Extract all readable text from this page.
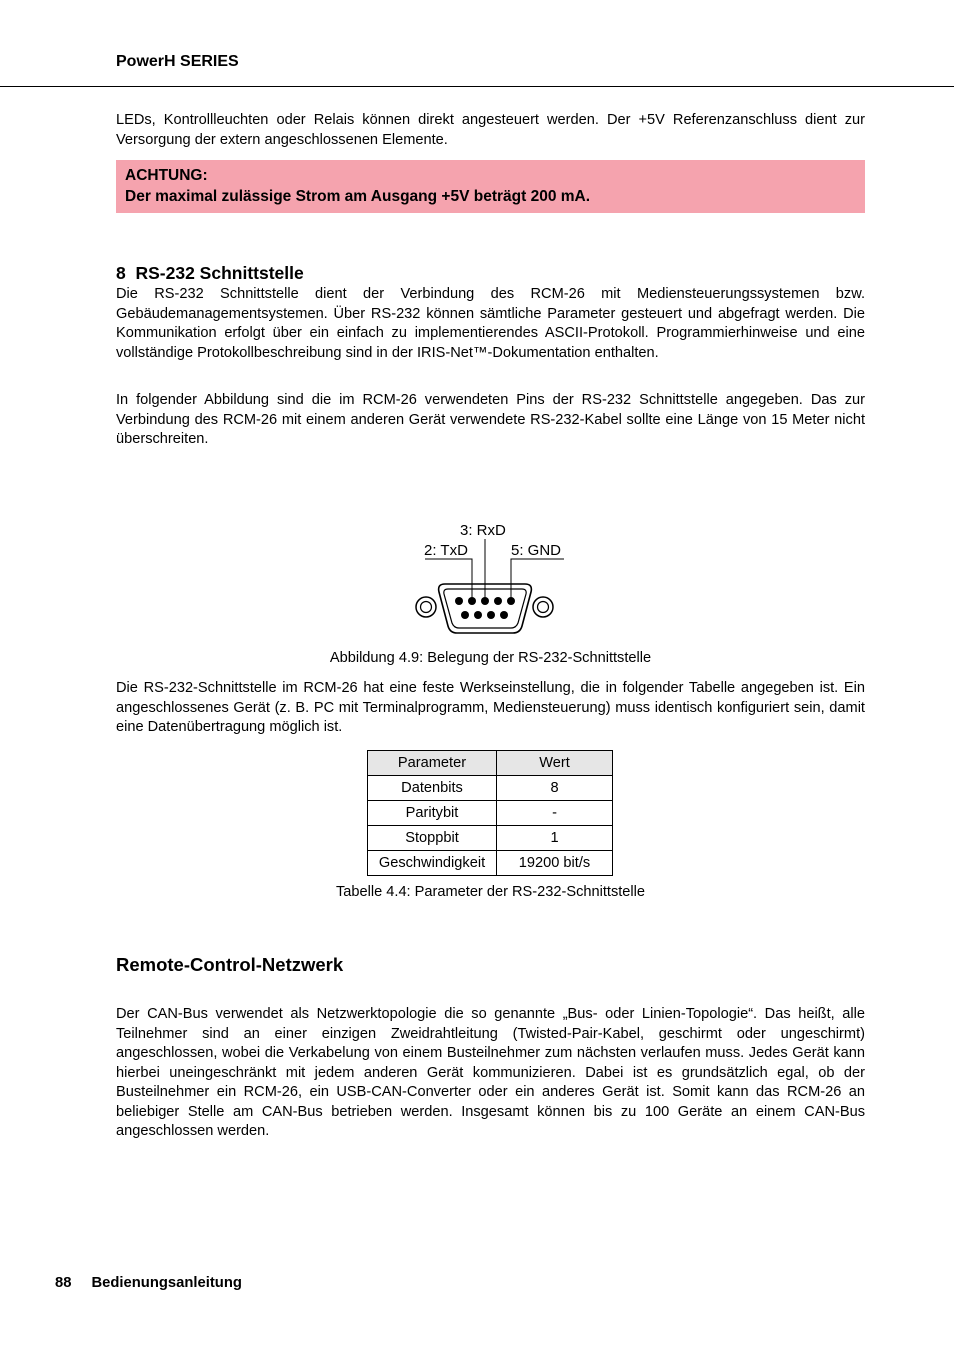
PowerH SERIES
LEDs, Kontrollleuchten oder Relais können direkt angesteuert werden. Der +5V Referenzanschluss dient zur Versorgung der extern angeschlossenen Elemente.
ACHTUNG:
Der maximal zulässige Strom am Ausgang +5V beträgt 200 mA.
8 RS-232 Schnittstelle
Die RS-232 Schnittstelle dient der Verbindung des RCM-26 mit Mediensteuerungssystemen bzw. Gebäudemanagementsystemen. Über RS-232 können sämtliche Parameter gesteuert und abgefragt werden. Die Kommunikation erfolgt über ein einfach zu implementierendes ASCII-Protokoll. Programmierhinweise und eine vollständige Protokollbeschreibung sind in der IRIS-Net™-Dokumentation enthalten.
In folgender Abbildung sind die im RCM-26 verwendeten Pins der RS-232 Schnittstelle angegeben. Das zur Verbindung des RCM-26 mit einem anderen Gerät verwendete RS-232-Kabel sollte eine Länge von 15 Meter nicht überschreiten.
3: RxD
2: TxD	5: GND
Abbildung 4.9: Belegung der RS-232-Schnittstelle
Die RS-232-Schnittstelle im RCM-26 hat eine feste Werkseinstellung, die in folgender Tabelle angegeben ist. Ein angeschlossenes Gerät (z. B. PC mit Terminalprogramm, Mediensteuerung) muss identisch konfiguriert sein, damit eine Datenübertragung möglich ist.
Parameter	Wert
Datenbits	8
Paritybit	-
Stoppbit	1
Geschwindigkeit	19200 bit/s
Tabelle 4.4: Parameter der RS-232-Schnittstelle
Remote-Control-Netzwerk
Der CAN-Bus verwendet als Netzwerktopologie die so genannte „Bus- oder Linien-Topologie“. Das heißt, alle Teilnehmer sind an einer einzigen Zweidrahtleitung (Twisted-Pair-Kabel, geschirmt oder ungeschirmt) angeschlossen, wobei die Verkabelung von einem Busteilnehmer zum nächsten verlaufen muss. Jedes Gerät kann hierbei uneingeschränkt mit jedem anderen Gerät kommunizieren. Dabei ist es grundsätzlich egal, ob der Busteilnehmer ein RCM-26, ein USB-CAN-Converter oder ein anderes Gerät ist. Somit kann das RCM-26 an beliebiger Stelle am CAN-Bus betrieben werden. Insgesamt können bis zu 100 Geräte an einem CAN-Bus angeschlossen werden.
88 Bedienungsanleitung
